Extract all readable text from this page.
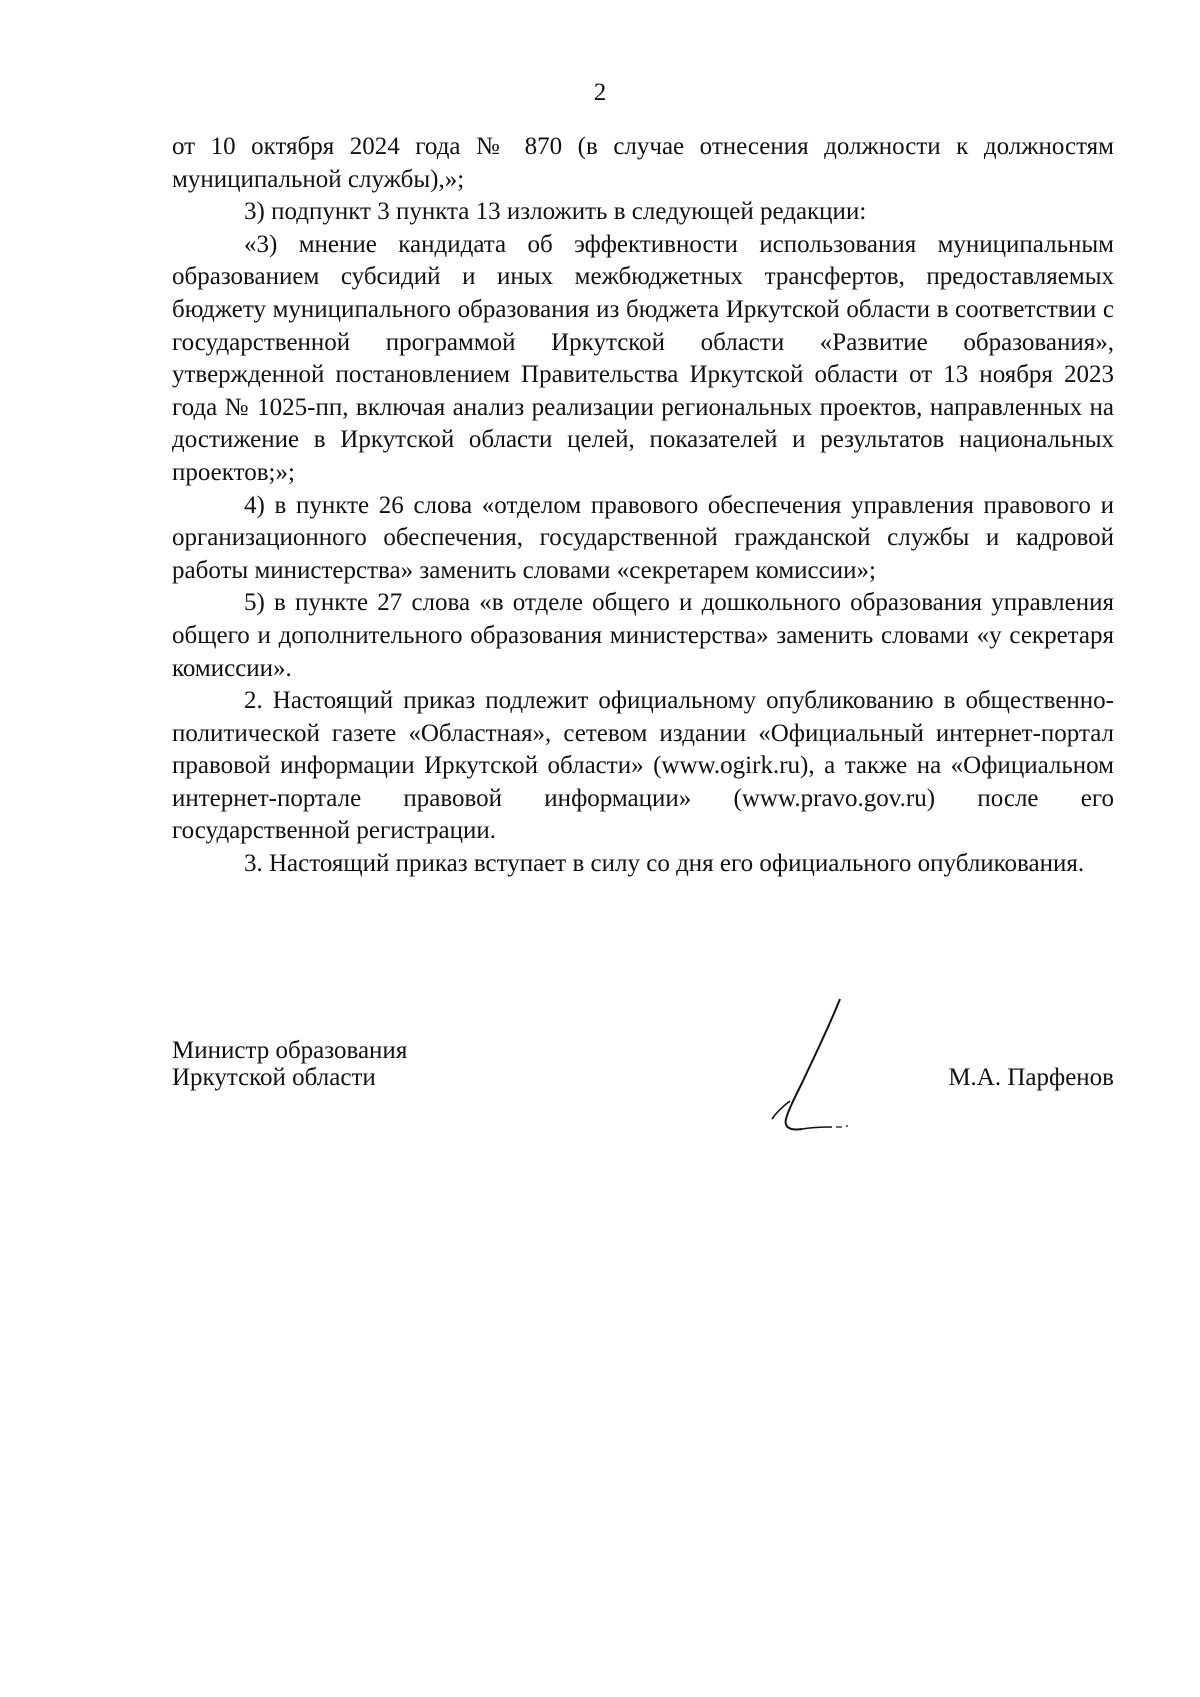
2

от 10 октября 2024 года № 870 (в случае отнесения должности к должностям муниципальной службы),»;

3) подпункт 3 пункта 13 изложить в следующей редакции:

«3) мнение кандидата об эффективности использования муниципальным образованием субсидий и иных межбюджетных трансфертов, предоставляемых бюджету муниципального образования из бюджета Иркутской области в соответствии с государственной программой Иркутской области «Развитие образования», утвержденной постановлением Правительства Иркутской области от 13 ноября 2023 года № 1025-пп, включая анализ реализации региональных проектов, направленных на достижение в Иркутской области целей, показателей и результатов национальных проектов;»;

4) в пункте 26 слова «отделом правового обеспечения управления правового и организационного обеспечения, государственной гражданской службы и кадровой работы министерства» заменить словами «секретарем комиссии»;

5) в пункте 27 слова «в отделе общего и дошкольного образования управления общего и дополнительного образования министерства» заменить словами «у секретаря комиссии».

2. Настоящий приказ подлежит официальному опубликованию в общественно-политической газете «Областная», сетевом издании «Официальный интернет-портал правовой информации Иркутской области» (www.ogirk.ru), а также на «Официальном интернет-портале правовой информации» (www.pravo.gov.ru) после его государственной регистрации.

3. Настоящий приказ вступает в силу со дня его официального опубликования.

Министр образования
Иркутской области	М.А. Парфенов
